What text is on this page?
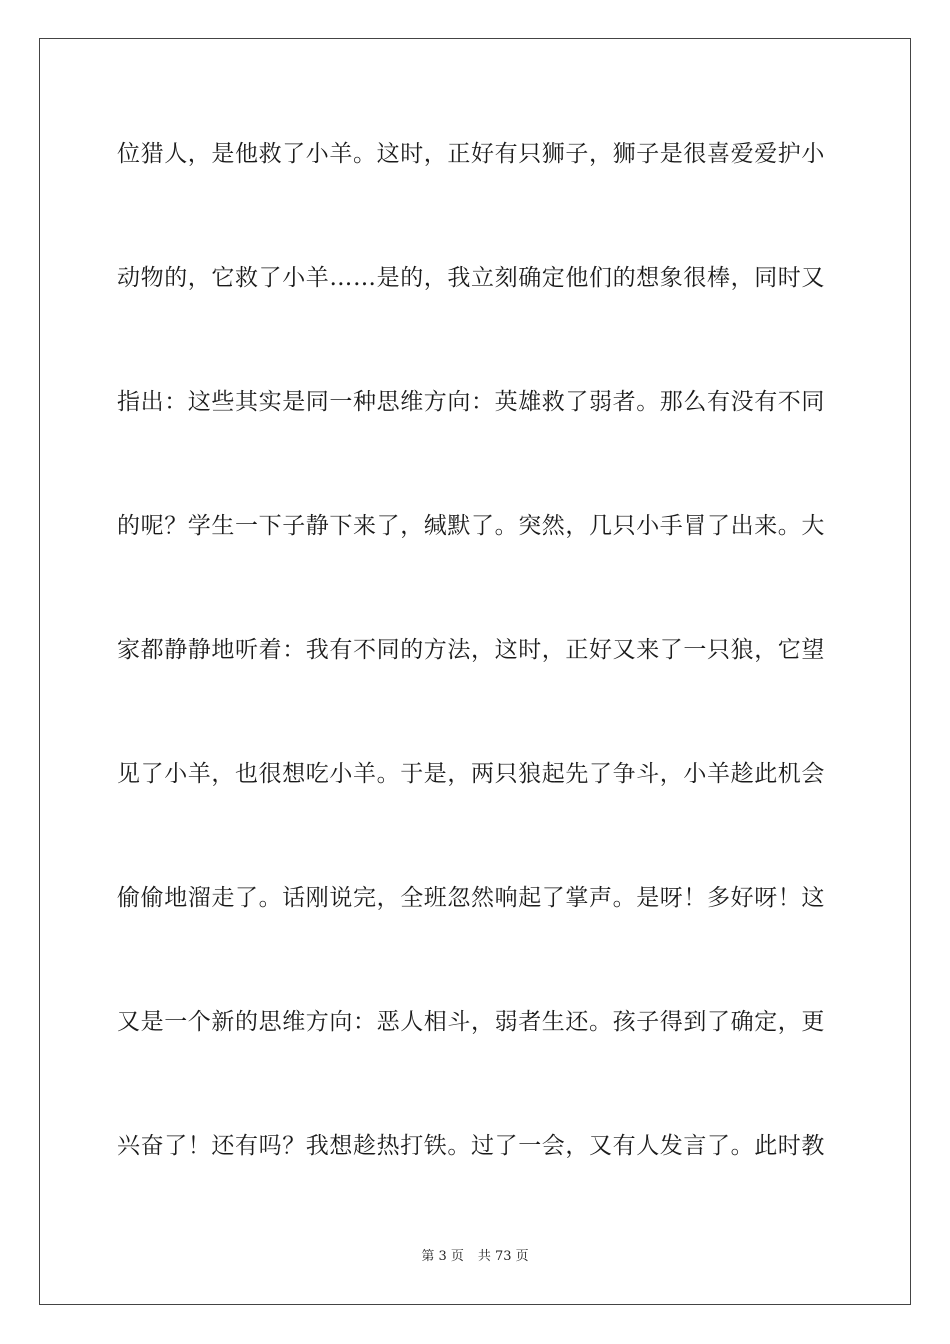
位猎人，是他救了小羊。这时，正好有只狮子，狮子是很喜爱爱护小
动物的，它救了小羊……是的，我立刻确定他们的想象很棒，同时又
指出：这些其实是同一种思维方向：英雄救了弱者。那么有没有不同
的呢？学生一下子静下来了，缄默了。突然，几只小手冒了出来。大
家都静静地听着：我有不同的方法，这时，正好又来了一只狼，它望
见了小羊，也很想吃小羊。于是，两只狼起先了争斗，小羊趁此机会
偷偷地溜走了。话刚说完，全班忽然响起了掌声。是呀！多好呀！这
又是一个新的思维方向：恶人相斗，弱者生还。孩子得到了确定，更
兴奋了！还有吗？我想趁热打铁。过了一会，又有人发言了。此时教
第 3 页 共 73 页
